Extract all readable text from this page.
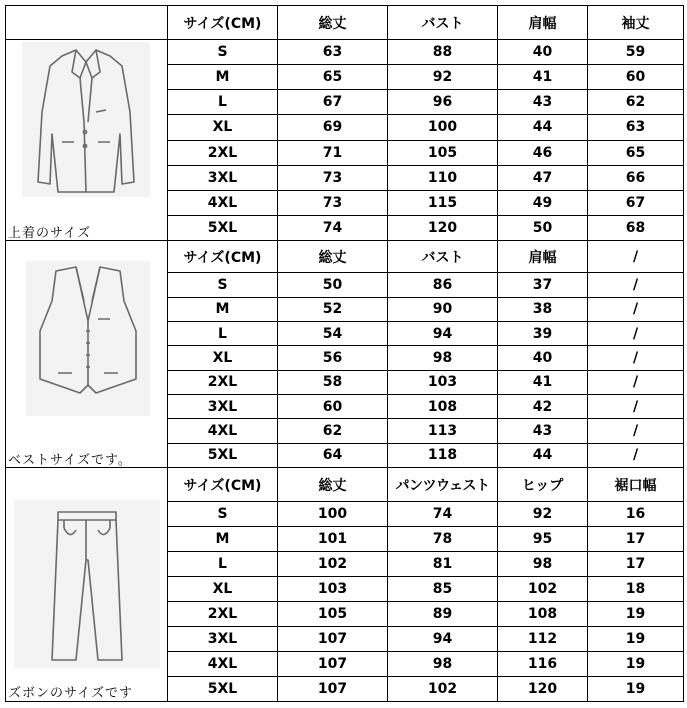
	サイズ(CM)	総丈	バスト	肩幅	袖丈

上着のサイズ	S	63	88	40	59
	M	65	92	41	60
	L	67	96	43	62
	XL	69	100	44	63
	2XL	71	105	46	65
	3XL	73	110	47	66
	4XL	73	115	49	67
	5XL	74	120	50	68

ベストサイズです。	サイズ(CM)	総丈	バスト	肩幅	/
	S	50	86	37	/
	M	52	90	38	/
	L	54	94	39	/
	XL	56	98	40	/
	2XL	58	103	41	/
	3XL	60	108	42	/
	4XL	62	113	43	/
	5XL	64	118	44	/

ズボンのサイズです	サイズ(CM)	総丈	パンツウェスト	ヒップ	裾口幅
	S	100	74	92	16
	M	101	78	95	17
	L	102	81	98	17
	XL	103	85	102	18
	2XL	105	89	108	19
	3XL	107	94	112	19
	4XL	107	98	116	19
	5XL	107	102	120	19
